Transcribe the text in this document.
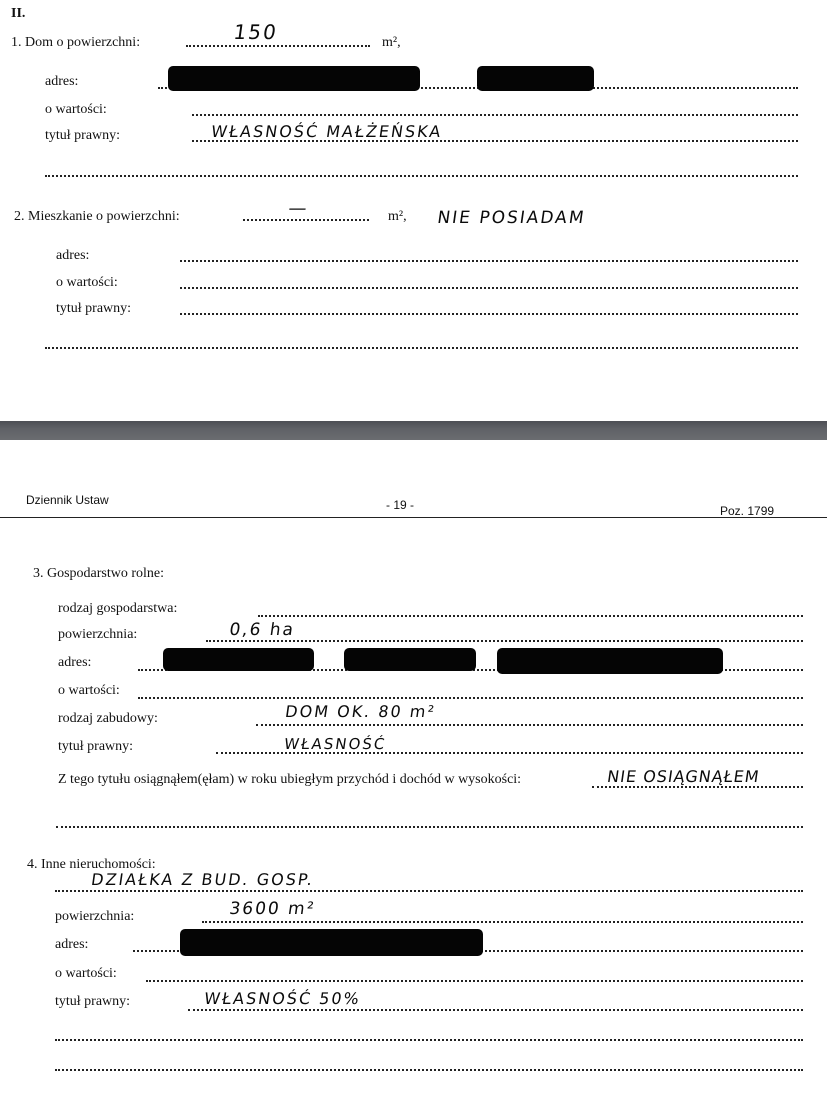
II.
1. Dom o powierzchni:	150	m²,
adres:
o wartości:
tytuł prawny:	WŁASNOŚĆ MAŁŻEŃSKA
2. Mieszkanie o powierzchni:	—	m², NIE POSIADAM
adres:
o wartości:
tytuł prawny:
Dziennik Ustaw	- 19 -	Poz. 1799
3. Gospodarstwo rolne:
rodzaj gospodarstwa:
powierzchnia:	0,6 ha
adres:
o wartości:
rodzaj zabudowy:	DOM OK. 80 m²
tytuł prawny:	WŁASNOŚĆ
Z tego tytułu osiągnąłem(ęłam) w roku ubiegłym przychód i dochód w wysokości:	NIE OSIĄGNĄŁEM
4. Inne nieruchomości:
DZIAŁKA Z BUD. GOSP.
powierzchnia:	3600 m²
adres:
o wartości:
tytuł prawny:	WŁASNOŚĆ 50%
